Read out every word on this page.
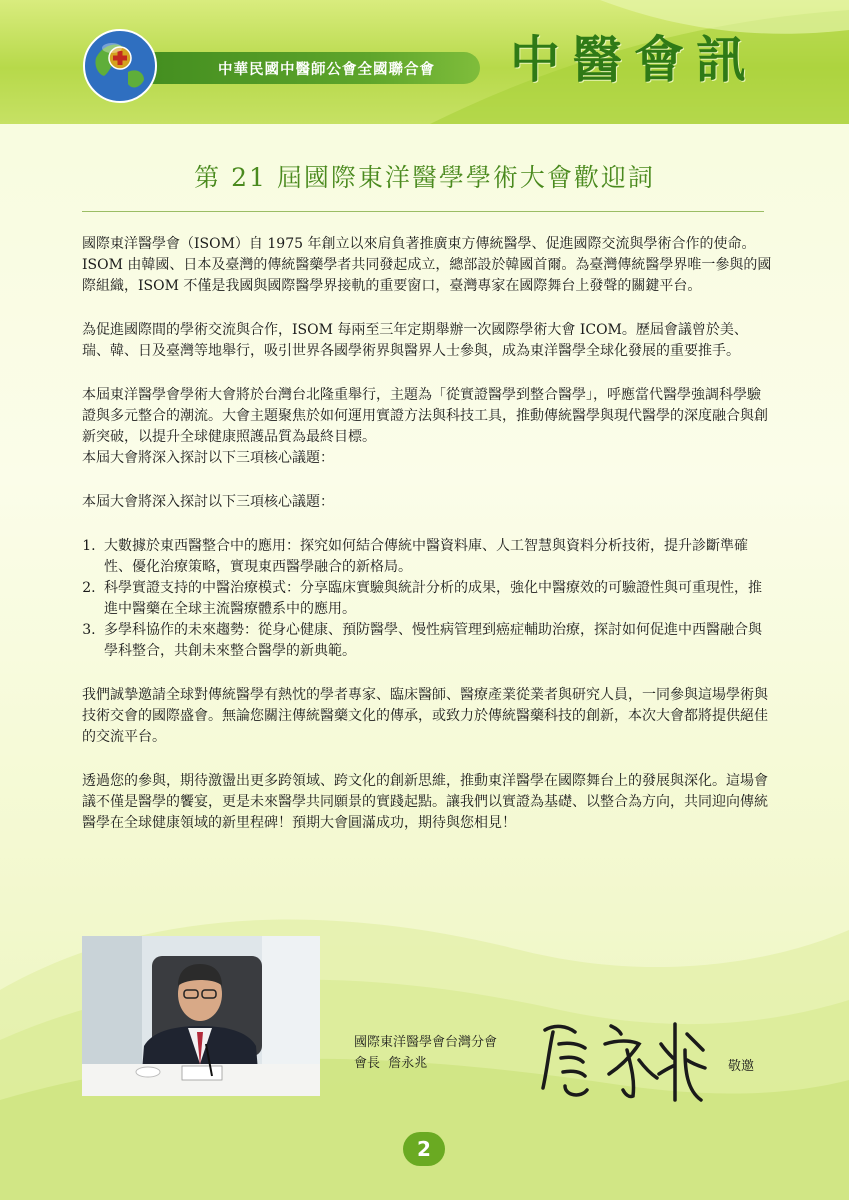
中華民國中醫師公會全國聯合會	中醫會訊
第 21 屆國際東洋醫學學術大會歡迎詞

國際東洋醫學會（ISOM）自 1975 年創立以來肩負著推廣東方傳統醫學、促進國際交流與學術合作的使命。ISOM 由韓國、日本及臺灣的傳統醫藥學者共同發起成立，總部設於韓國首爾。為臺灣傳統醫學界唯一參與的國際組織，ISOM 不僅是我國與國際醫學界接軌的重要窗口，臺灣專家在國際舞台上發聲的關鍵平台。

為促進國際間的學術交流與合作，ISOM 每兩至三年定期舉辦一次國際學術大會 ICOM。歷屆會議曾於美、瑞、韓、日及臺灣等地舉行，吸引世界各國學術界與醫界人士參與，成為東洋醫學全球化發展的重要推手。

本屆東洋醫學會學術大會將於台灣台北隆重舉行，主題為「從實證醫學到整合醫學」，呼應當代醫學強調科學驗證與多元整合的潮流。大會主題聚焦於如何運用實證方法與科技工具，推動傳統醫學與現代醫學的深度融合與創新突破，以提升全球健康照護品質為最終目標。

本屆大會將深入探討以下三項核心議題：

本屆大會將深入探討以下三項核心議題：

1. 大數據於東西醫整合中的應用：探究如何結合傳統中醫資料庫、人工智慧與資料分析技術，提升診斷準確性、優化治療策略，實現東西醫學融合的新格局。
2. 科學實證支持的中醫治療模式：分享臨床實驗與統計分析的成果，強化中醫療效的可驗證性與可重現性，推進中醫藥在全球主流醫療體系中的應用。
3. 多學科協作的未來趨勢：從身心健康、預防醫學、慢性病管理到癌症輔助治療，探討如何促進中西醫融合與學科整合，共創未來整合醫學的新典範。

我們誠摯邀請全球對傳統醫學有熱忱的學者專家、臨床醫師、醫療產業從業者與研究人員，一同參與這場學術與技術交會的國際盛會。無論您關注傳統醫藥文化的傳承，或致力於傳統醫藥科技的創新，本次大會都將提供絕佳的交流平台。

透過您的參與，期待激盪出更多跨領域、跨文化的創新思維，推動東洋醫學在國際舞台上的發展與深化。這場會議不僅是醫學的饗宴，更是未來醫學共同願景的實踐起點。讓我們以實證為基礎、以整合為方向，共同迎向傳統醫學在全球健康領域的新里程碑！預期大會圓滿成功，期待與您相見！

國際東洋醫學會台灣分會
會長  詹永兆	敬邀
2
